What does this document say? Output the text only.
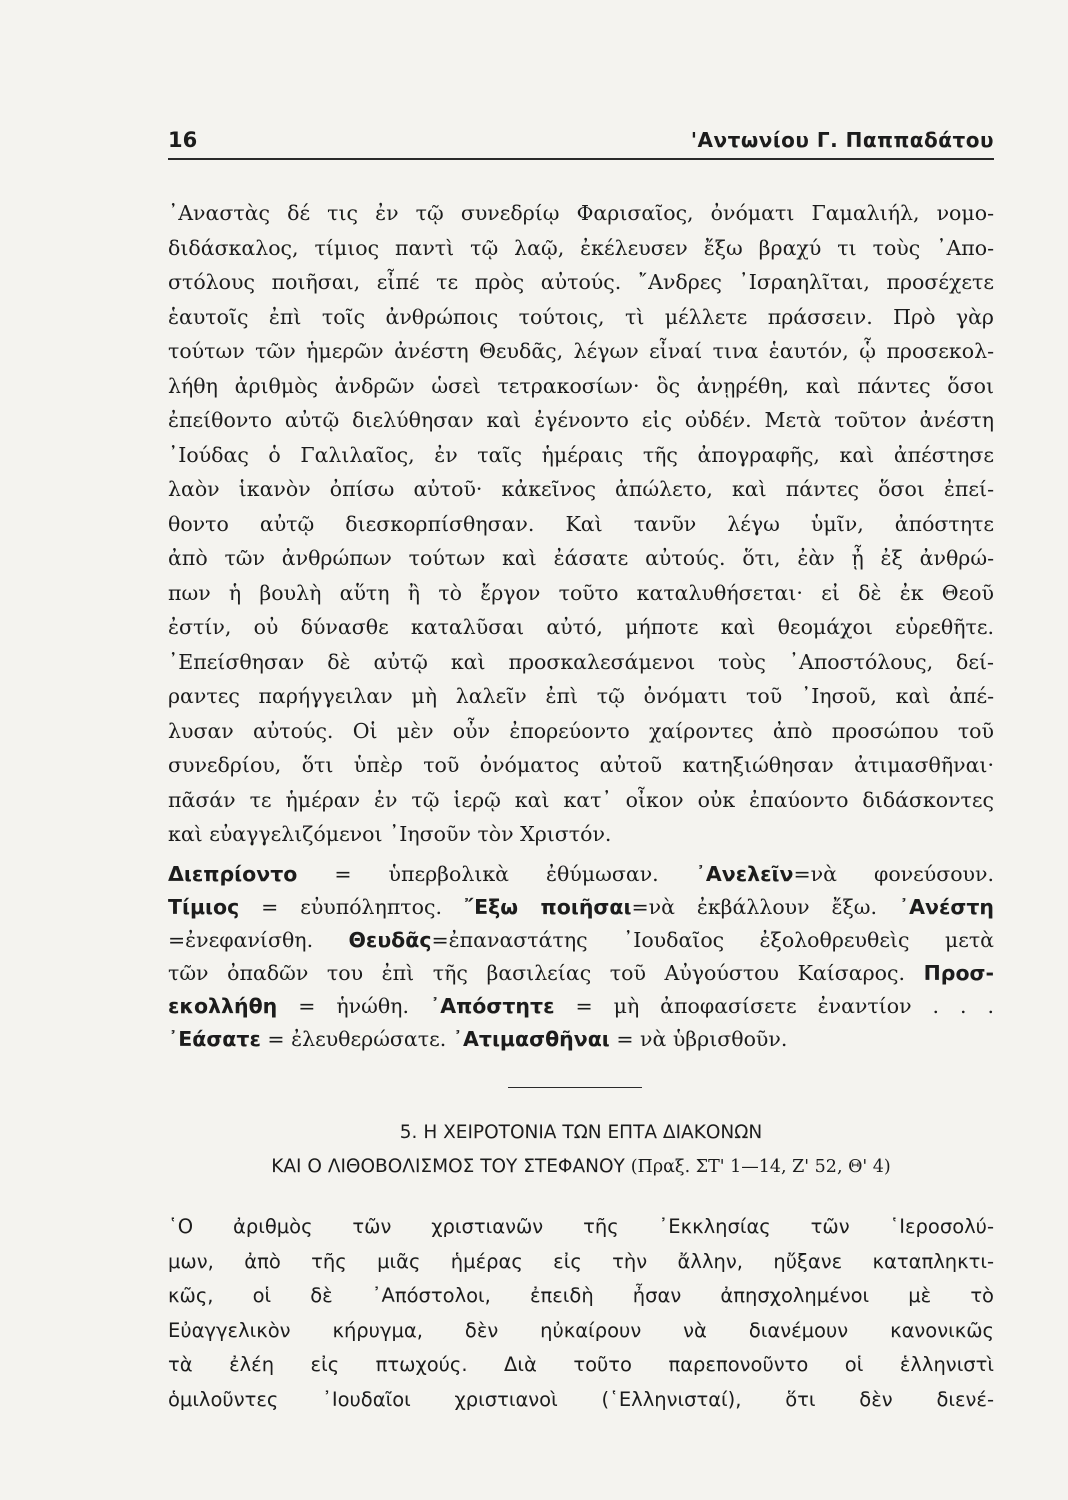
16	'Αντωνίου Γ. Παππαδάτου

᾿Αναστὰς δέ τις ἐν τῷ συνεδρίῳ Φαρισαῖος, ὀνόματι Γαμαλιήλ, νομο-
διδάσκαλος, τίμιος παντὶ τῷ λαῷ, ἐκέλευσεν ἔξω βραχύ τι τοὺς ᾿Απο-
στόλους ποιῆσαι, εἶπέ τε πρὸς αὐτούς. ῎Ανδρες ᾿Ισραηλῖται, προσέχετε
ἑαυτοῖς ἐπὶ τοῖς ἀνθρώποις τούτοις, τὶ μέλλετε πράσσειν. Πρὸ γὰρ
τούτων τῶν ἡμερῶν ἀνέστη Θευδᾶς, λέγων εἶναί τινα ἑαυτόν, ᾧ προσεκολ-
λήθη ἀριθμὸς ἀνδρῶν ὡσεὶ τετρακοσίων· ὃς ἀνῃρέθη, καὶ πάντες ὅσοι
ἐπείθοντο αὐτῷ διελύθησαν καὶ ἐγένοντο εἰς οὐδέν. Μετὰ τοῦτον ἀνέστη
᾿Ιούδας ὁ Γαλιλαῖος, ἐν ταῖς ἡμέραις τῆς ἀπογραφῆς, καὶ ἀπέστησε
λαὸν ἱκανὸν ὀπίσω αὐτοῦ· κἀκεῖνος ἀπώλετο, καὶ πάντες ὅσοι ἐπεί-
θοντο αὐτῷ διεσκορπίσθησαν. Καὶ τανῦν λέγω ὑμῖν, ἀπόστητε
ἀπὸ τῶν ἀνθρώπων τούτων καὶ ἐάσατε αὐτούς. ὅτι, ἐὰν ᾖ ἐξ ἀνθρώ-
πων ἡ βουλὴ αὕτη ἢ τὸ ἔργον τοῦτο καταλυθήσεται· εἰ δὲ ἐκ Θεοῦ
ἐστίν, οὐ δύνασθε καταλῦσαι αὐτό, μήποτε καὶ θεομάχοι εὑρεθῆτε.
᾿Επείσθησαν δὲ αὐτῷ καὶ προσκαλεσάμενοι τοὺς ᾿Αποστόλους, δεί-
ραντες παρήγγειλαν μὴ λαλεῖν ἐπὶ τῷ ὀνόματι τοῦ ᾿Ιησοῦ, καὶ ἀπέ-
λυσαν αὐτούς. Οἱ μὲν οὖν ἐπορεύοντο χαίροντες ἀπὸ προσώπου τοῦ
συνεδρίου, ὅτι ὑπὲρ τοῦ ὀνόματος αὐτοῦ κατηξιώθησαν ἀτιμασθῆναι·
πᾶσάν τε ἡμέραν ἐν τῷ ἱερῷ καὶ κατ᾿ οἶκον οὐκ ἐπαύοντο διδάσκοντες
καὶ εὐαγγελιζόμενοι ᾿Ιησοῦν τὸν Χριστόν.

Διεπρίοντο = ὑπερβολικὰ ἐθύμωσαν. ᾿Ανελεῖν=νὰ φονεύσουν.
Τίμιος = εὐυπόληπτος. ῎Εξω ποιῆσαι=νὰ ἐκβάλλουν ἔξω. ᾿Ανέστη
=ἐνεφανίσθη. Θευδᾶς=ἐπαναστάτης ᾿Ιουδαῖος ἐξολοθρευθεὶς μετὰ
τῶν ὀπαδῶν του ἐπὶ τῆς βασιλείας τοῦ Αὐγούστου Καίσαρος. Προσ-
εκολλήθη = ἡνώθη. ᾿Απόστητε = μὴ ἀποφασίσετε ἐναντίον . . .
᾿Εάσατε = ἐλευθερώσατε. ᾿Ατιμασθῆναι = νὰ ὑβρισθοῦν.

5. Η ΧΕΙΡΟΤΟΝΙΑ ΤΩΝ ΕΠΤΑ ΔΙΑΚΟΝΩΝ
ΚΑΙ Ο ΛΙΘΟΒΟΛΙΣΜΟΣ ΤΟΥ ΣΤΕΦΑΝΟΥ (Πραξ. ΣΤ' 1—14, Ζ' 52, Θ' 4)

῾Ο ἀριθμὸς τῶν χριστιανῶν τῆς ᾿Εκκλησίας τῶν ῾Ιεροσολύ-
μων, ἀπὸ τῆς μιᾶς ἡμέρας εἰς τὴν ἄλλην, ηὔξανε καταπληκτι-
κῶς, οἱ δὲ ᾿Απόστολοι, ἐπειδὴ ἦσαν ἀπησχολημένοι μὲ τὸ
Εὐαγγελικὸν κήρυγμα, δὲν ηὐκαίρουν νὰ διανέμουν κανονικῶς
τὰ ἐλέη εἰς πτωχούς. Διὰ τοῦτο παρεπονοῦντο οἱ ἑλληνιστὶ
ὁμιλοῦντες ᾿Ιουδαῖοι χριστιανοὶ (῾Ελληνισταί), ὅτι δὲν διενέ-
